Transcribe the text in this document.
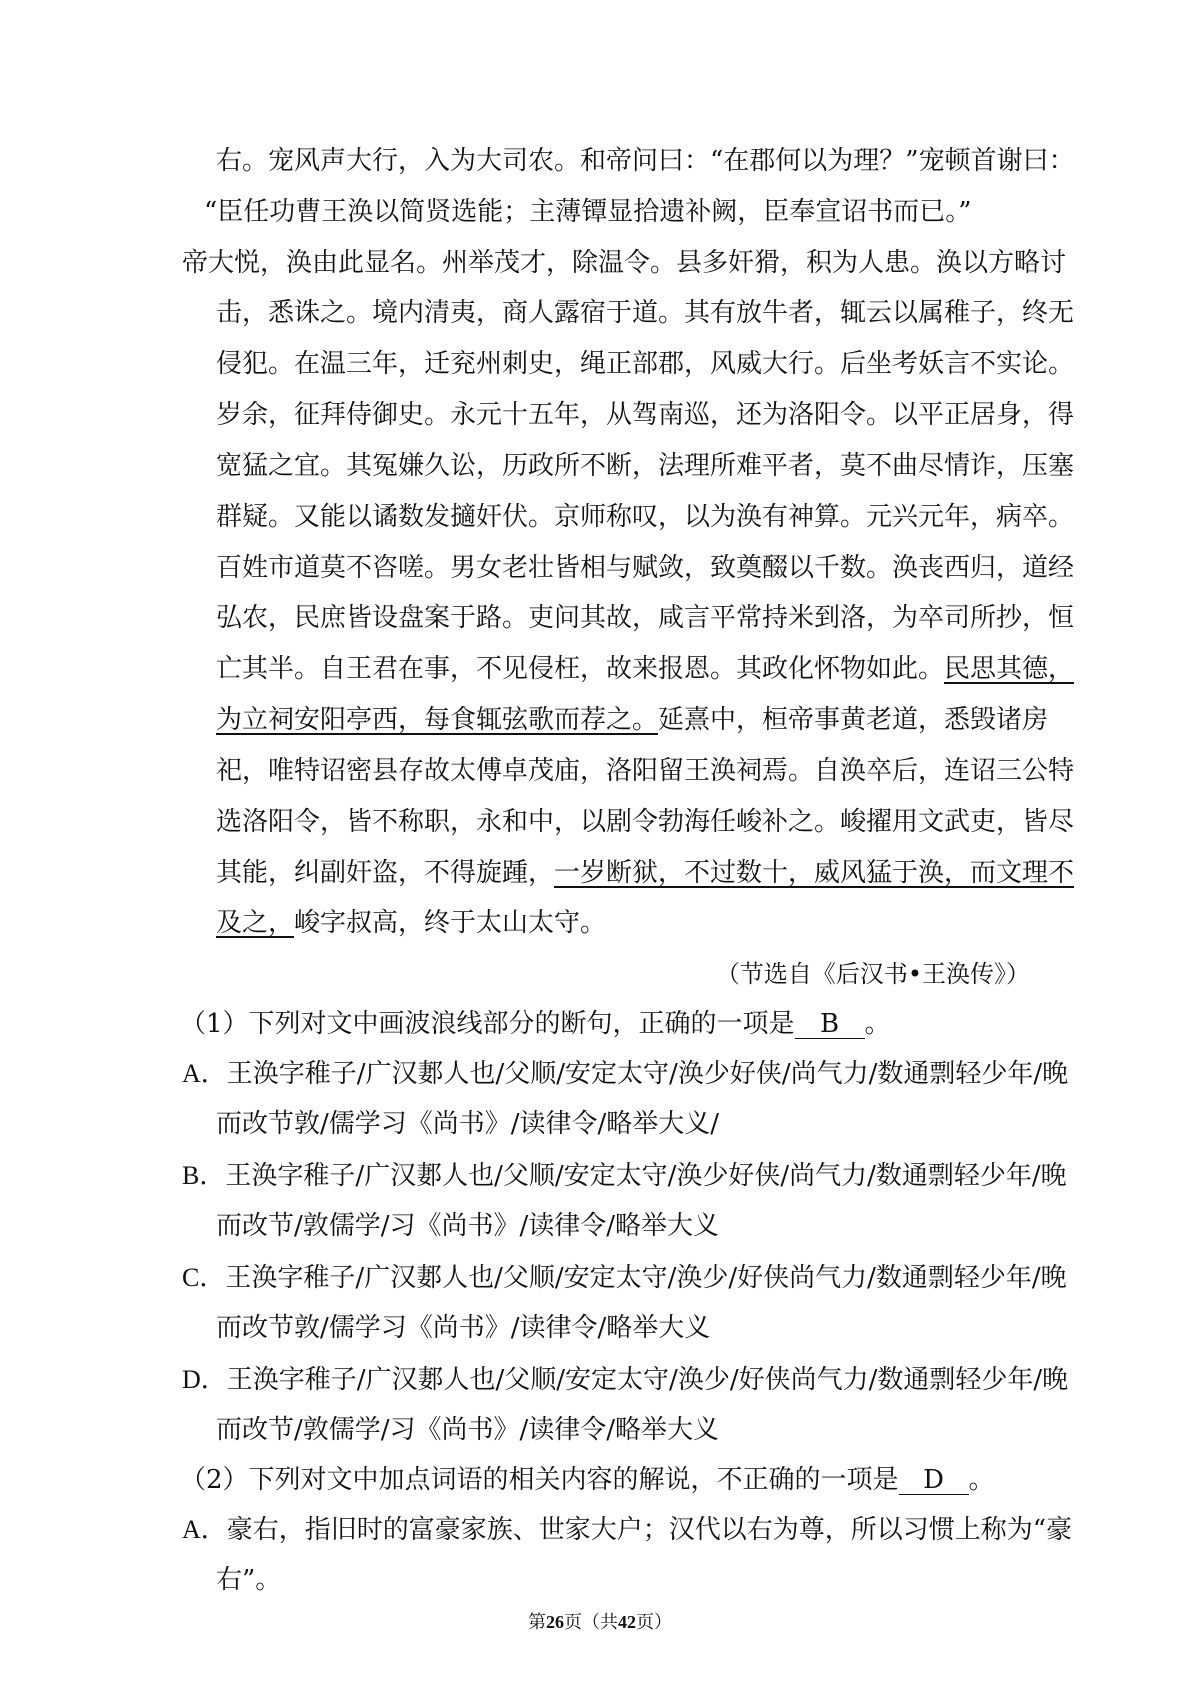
右。宠风声大行，入为大司农。和帝问曰：“在郡何以为理？”宠顿首谢曰：
“臣任功曹王涣以简贤选能；主薄镡显拾遗补阙，臣奉宣诏书而已。”
帝大悦，涣由此显名。州举茂才，除温令。县多奸猾，积为人患。涣以方略讨
击，悉诛之。境内清夷，商人露宿于道。其有放牛者，辄云以属稚子，终无
侵犯。在温三年，迁兖州刺史，绳正部郡，风威大行。后坐考妖言不实论。
岁余，征拜侍御史。永元十五年，从驾南巡，还为洛阳令。以平正居身，得
宽猛之宜。其冤嫌久讼，历政所不断，法理所难平者，莫不曲尽情诈，压塞
群疑。又能以谲数发擿奸伏。京师称叹，以为涣有神算。元兴元年，病卒。
百姓市道莫不咨嗟。男女老壮皆相与赋敛，致奠醊以千数。涣丧西归，道经
弘农，民庶皆设盘案于路。吏问其故，咸言平常持米到洛，为卒司所抄，恒
亡其半。自王君在事，不见侵枉，故来报恩。其政化怀物如此。民思其德，
为立祠安阳亭西，每食辄弦歌而荐之。延熹中，桓帝事黄老道，悉毁诸房
祀，唯特诏密县存故太傅卓茂庙，洛阳留王涣祠焉。自涣卒后，连诏三公特
选洛阳令，皆不称职，永和中，以剧令勃海任峻补之。峻擢用文武吏，皆尽
其能，纠副奸盗，不得旋踵，一岁断狱，不过数十，威风猛于涣，而文理不
及之，峻字叔高，终于太山太守。
（节选自《后汉书•王涣传》）
（1）下列对文中画波浪线部分的断句，正确的一项是 B 。
A．王涣字稚子/广汉郪人也/父顺/安定太守/涣少好侠/尚气力/数通剽轻少年/晚
而改节敦/儒学习《尚书》/读律令/略举大义/
B．王涣字稚子/广汉郪人也/父顺/安定太守/涣少好侠/尚气力/数通剽轻少年/晚
而改节/敦儒学/习《尚书》/读律令/略举大义
C．王涣字稚子/广汉郪人也/父顺/安定太守/涣少/好侠尚气力/数通剽轻少年/晚
而改节敦/儒学习《尚书》/读律令/略举大义
D．王涣字稚子/广汉郪人也/父顺/安定太守/涣少/好侠尚气力/数通剽轻少年/晚
而改节/敦儒学/习《尚书》/读律令/略举大义
（2）下列对文中加点词语的相关内容的解说，不正确的一项是 D 。
A．豪右，指旧时的富豪家族、世家大户；汉代以右为尊，所以习惯上称为“豪
右”。
第26页（共42页）
